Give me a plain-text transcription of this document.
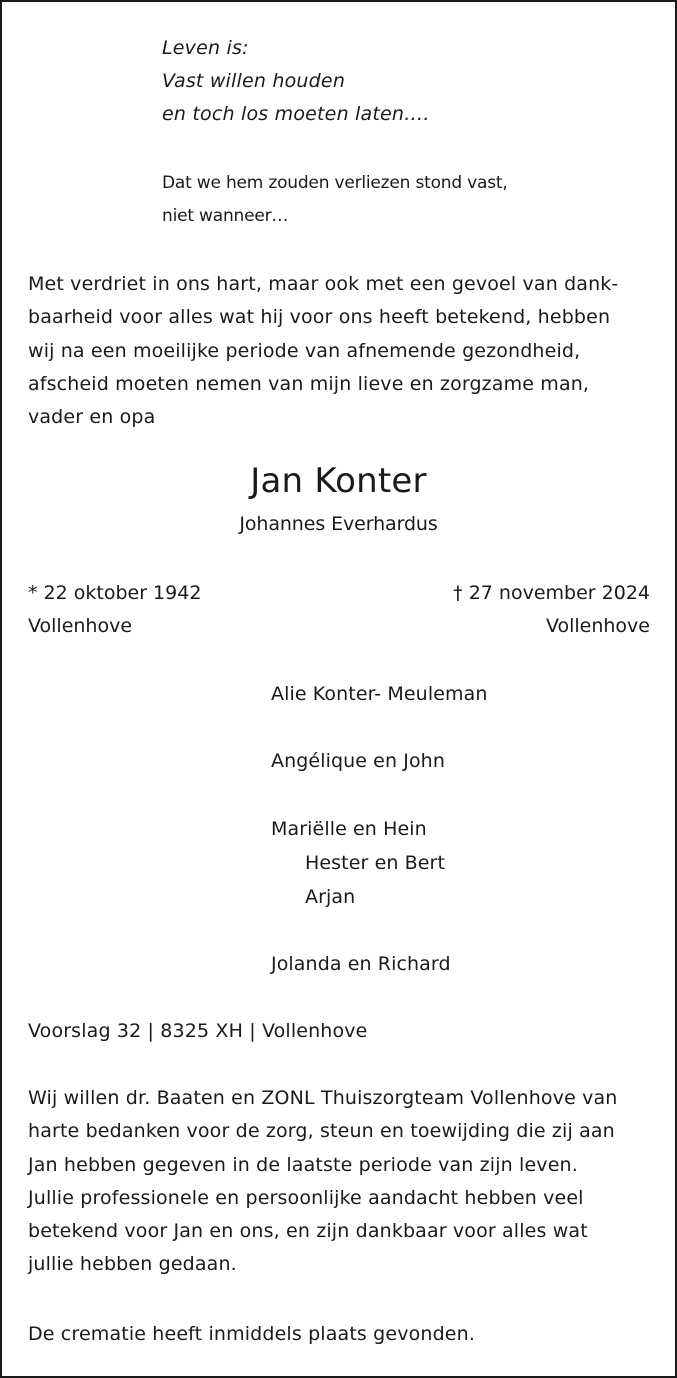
Leven is:
Vast willen houden
en toch los moeten laten….
Dat we hem zouden verliezen stond vast,
niet wanneer…
Met verdriet in ons hart, maar ook met een gevoel van dank-
baarheid voor alles wat hij voor ons heeft betekend, hebben
wij na een moeilijke periode van afnemende gezondheid,
afscheid moeten nemen van mijn lieve en zorgzame man,
vader en opa
Jan Konter
Johannes Everhardus
* 22 oktober 1942
Vollenhove
† 27 november 2024
Vollenhove
Alie Konter- Meuleman
Angélique en John
Mariëlle en Hein
Hester en Bert
Arjan
Jolanda en Richard
Voorslag 32 | 8325 XH | Vollenhove
Wij willen dr. Baaten en ZONL Thuiszorgteam Vollenhove van
harte bedanken voor de zorg, steun en toewijding die zij aan
Jan hebben gegeven in de laatste periode van zijn leven.
Jullie professionele en persoonlijke aandacht hebben veel
betekend voor Jan en ons, en zijn dankbaar voor alles wat
jullie hebben gedaan.
De crematie heeft inmiddels plaats gevonden.
